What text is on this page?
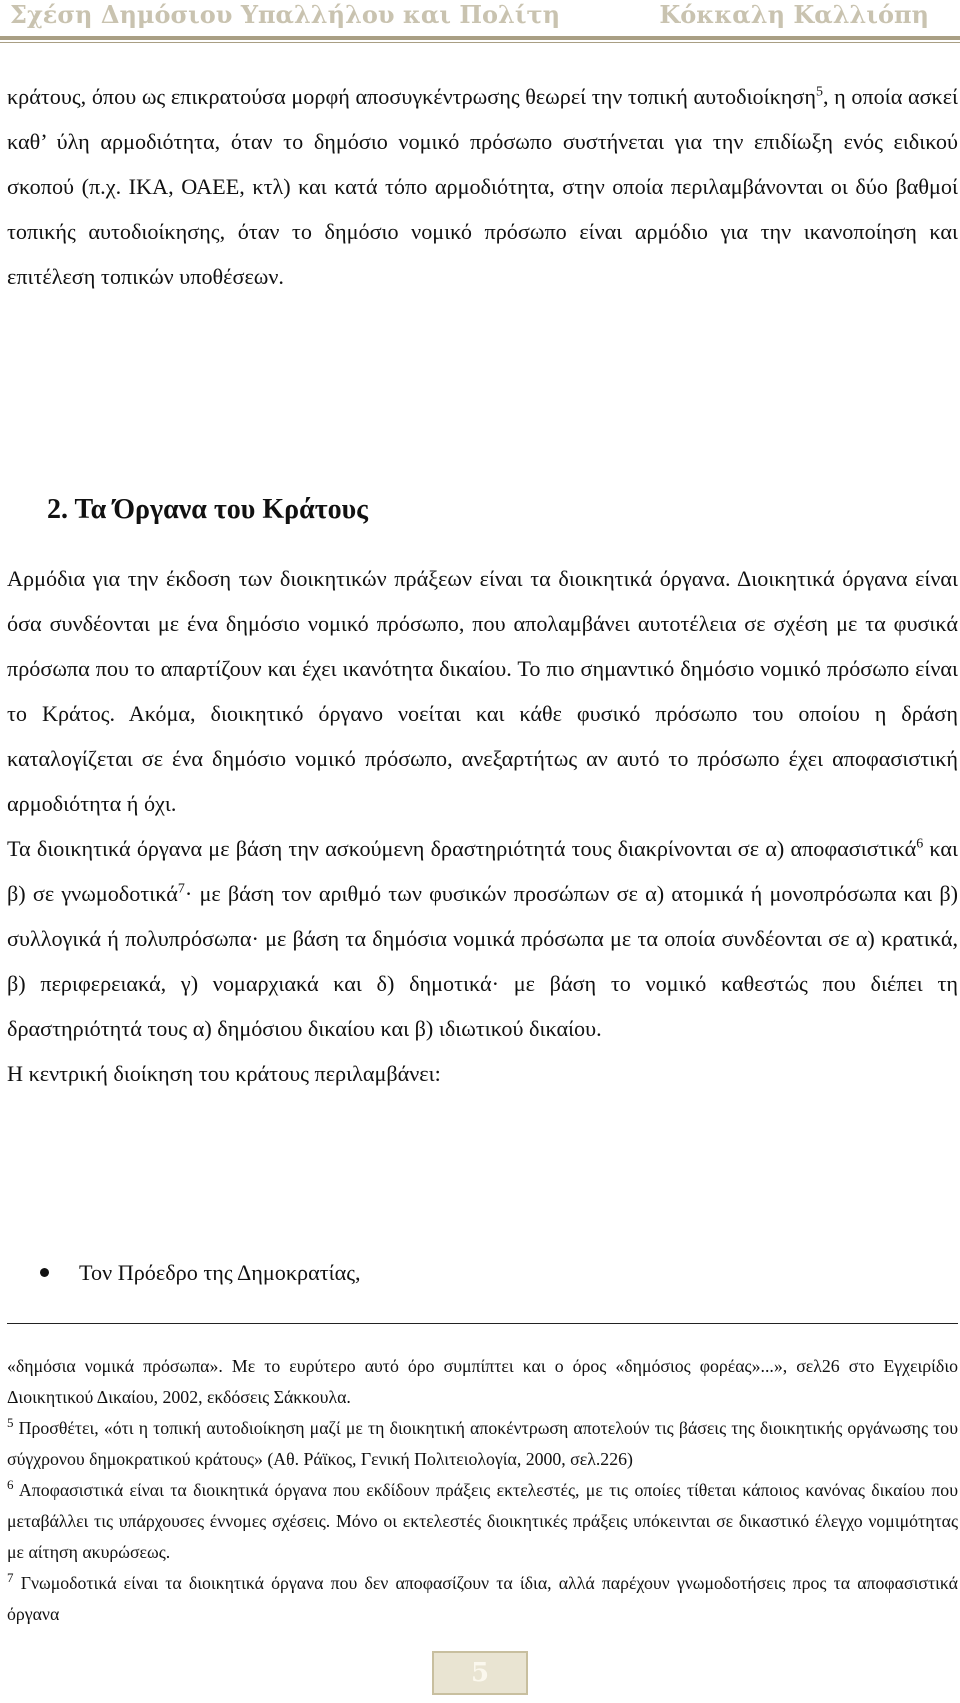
Σχέση Δημόσιου Υπαλλήλου και Πολίτη	Κόκκαλη Καλλιόπη

κράτους, όπου ως επικρατούσα μορφή αποσυγκέντρωσης θεωρεί την τοπική αυτοδιοίκηση$^5$, η οποία ασκεί καθ’ ύλη αρμοδιότητα, όταν το δημόσιο νομικό πρόσωπο συστήνεται για την επιδίωξη ενός ειδικού σκοπού (π.χ. ΙΚΑ, ΟΑΕΕ, κτλ) και κατά τόπο αρμοδιότητα, στην οποία περιλαμβάνονται οι δύο βαθμοί τοπικής αυτοδιοίκησης, όταν το δημόσιο νομικό πρόσωπο είναι αρμόδιο για την ικανοποίηση και επιτέλεση τοπικών υποθέσεων.

2. Τα Όργανα του Κράτους

Αρμόδια για την έκδοση των διοικητικών πράξεων είναι τα διοικητικά όργανα. Διοικητικά όργανα είναι όσα συνδέονται με ένα δημόσιο νομικό πρόσωπο, που απολαμβάνει αυτοτέλεια σε σχέση με τα φυσικά πρόσωπα που το απαρτίζουν και έχει ικανότητα δικαίου. Το πιο σημαντικό δημόσιο νομικό πρόσωπο είναι το Κράτος. Ακόμα, διοικητικό όργανο νοείται και κάθε φυσικό πρόσωπο του οποίου η δράση καταλογίζεται σε ένα δημόσιο νομικό πρόσωπο, ανεξαρτήτως αν αυτό το πρόσωπο έχει αποφασιστική αρμοδιότητα ή όχι.

Τα διοικητικά όργανα με βάση την ασκούμενη δραστηριότητά τους διακρίνονται σε α) αποφασιστικά$^6$ και β) σε γνωμοδοτικά$^7$· με βάση τον αριθμό των φυσικών προσώπων σε α) ατομικά ή μονοπρόσωπα και β) συλλογικά ή πολυπρόσωπα· με βάση τα δημόσια νομικά πρόσωπα με τα οποία συνδέονται σε α) κρατικά, β) περιφερειακά, γ) νομαρχιακά και δ) δημοτικά· με βάση το νομικό καθεστώς που διέπει τη δραστηριότητά τους α) δημόσιου δικαίου και β) ιδιωτικού δικαίου.

Η κεντρική διοίκηση του κράτους περιλαμβάνει:

Τον Πρόεδρο της Δημοκρατίας,

«δημόσια νομικά πρόσωπα». Με το ευρύτερο αυτό όρο συμπίπτει και ο όρος «δημόσιος φορέας»...», σελ26 στο Εγχειρίδιο Διοικητικού Δικαίου, 2002, εκδόσεις Σάκκουλα.

$^5$ Προσθέτει, «ότι η τοπική αυτοδιοίκηση μαζί με τη διοικητική αποκέντρωση αποτελούν τις βάσεις της διοικητικής οργάνωσης του σύγχρονου δημοκρατικού κράτους» (Αθ. Ράϊκος, Γενική Πολιτειολογία, 2000, σελ.226)

$^6$ Αποφασιστικά είναι τα διοικητικά όργανα που εκδίδουν πράξεις εκτελεστές, με τις οποίες τίθεται κάποιος κανόνας δικαίου που μεταβάλλει τις υπάρχουσες έννομες σχέσεις. Μόνο οι εκτελεστές διοικητικές πράξεις υπόκεινται σε δικαστικό έλεγχο νομιμότητας με αίτηση ακυρώσεως.

$^7$ Γνωμοδοτικά είναι τα διοικητικά όργανα που δεν αποφασίζουν τα ίδια, αλλά παρέχουν γνωμοδοτήσεις προς τα αποφασιστικά όργανα

5
